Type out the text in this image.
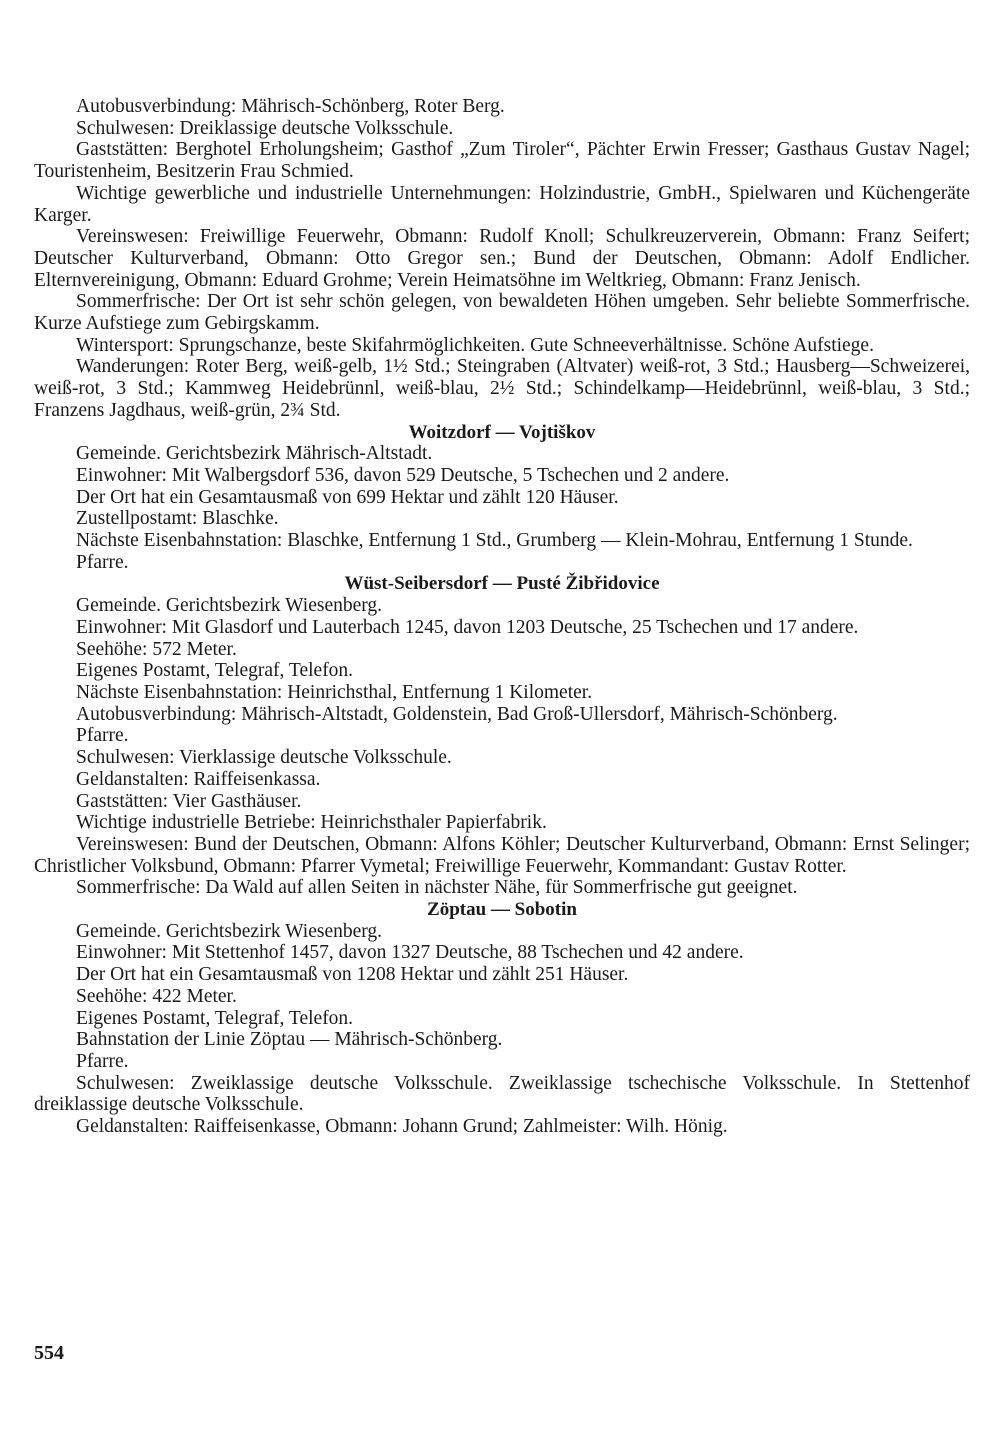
Autobusverbindung: Mährisch-Schönberg, Roter Berg.

Schulwesen: Dreiklassige deutsche Volksschule.

Gaststätten: Berghotel Erholungsheim; Gasthof „Zum Tiroler“, Pächter Erwin Fresser; Gasthaus Gustav Nagel; Touristenheim, Besitzerin Frau Schmied.

Wichtige gewerbliche und industrielle Unternehmungen: Holzindustrie, GmbH., Spielwaren und Küchengeräte Karger.

Vereinswesen: Freiwillige Feuerwehr, Obmann: Rudolf Knoll; Schulkreuzerverein, Obmann: Franz Seifert; Deutscher Kulturverband, Obmann: Otto Gregor sen.; Bund der Deutschen, Obmann: Adolf Endlicher. Elternvereinigung, Obmann: Eduard Grohme; Verein Heimatsöhne im Weltkrieg, Obmann: Franz Jenisch.

Sommerfrische: Der Ort ist sehr schön gelegen, von bewaldeten Höhen umgeben. Sehr beliebte Sommerfrische. Kurze Aufstiege zum Gebirgskamm.

Wintersport: Sprungschanze, beste Skifahrmöglichkeiten. Gute Schneeverhältnisse. Schöne Aufstiege.

Wanderungen: Roter Berg, weiß-gelb, 1½ Std.; Steingraben (Altvater) weiß-rot, 3 Std.; Hausberg—Schweizerei, weiß-rot, 3 Std.; Kammweg Heidebrünnl, weiß-blau, 2½ Std.; Schindelkamp—Heidebrünnl, weiß-blau, 3 Std.; Franzens Jagdhaus, weiß-grün, 2¾ Std.

Woitzdorf — Vojtiškov

Gemeinde. Gerichtsbezirk Mährisch-Altstadt.

Einwohner: Mit Walbergsdorf 536, davon 529 Deutsche, 5 Tschechen und 2 andere.

Der Ort hat ein Gesamtausmaß von 699 Hektar und zählt 120 Häuser.

Zustellpostamt: Blaschke.

Nächste Eisenbahnstation: Blaschke, Entfernung 1 Std., Grumberg — Klein-Mohrau, Entfernung 1 Stunde.

Pfarre.

Wüst-Seibersdorf — Pusté Žibřidovice

Gemeinde. Gerichtsbezirk Wiesenberg.

Einwohner: Mit Glasdorf und Lauterbach 1245, davon 1203 Deutsche, 25 Tschechen und 17 andere.

Seehöhe: 572 Meter.

Eigenes Postamt, Telegraf, Telefon.

Nächste Eisenbahnstation: Heinrichsthal, Entfernung 1 Kilometer.

Autobusverbindung: Mährisch-Altstadt, Goldenstein, Bad Groß-Ullersdorf, Mährisch-Schönberg.

Pfarre.

Schulwesen: Vierklassige deutsche Volksschule.

Geldanstalten: Raiffeisenkassa.

Gaststätten: Vier Gasthäuser.

Wichtige industrielle Betriebe: Heinrichsthaler Papierfabrik.

Vereinswesen: Bund der Deutschen, Obmann: Alfons Köhler; Deutscher Kulturverband, Obmann: Ernst Selinger; Christlicher Volksbund, Obmann: Pfarrer Vymetal; Freiwillige Feuerwehr, Kommandant: Gustav Rotter.

Sommerfrische: Da Wald auf allen Seiten in nächster Nähe, für Sommerfrische gut geeignet.

Zöptau — Sobotin

Gemeinde. Gerichtsbezirk Wiesenberg.

Einwohner: Mit Stettenhof 1457, davon 1327 Deutsche, 88 Tschechen und 42 andere.

Der Ort hat ein Gesamtausmaß von 1208 Hektar und zählt 251 Häuser.

Seehöhe: 422 Meter.

Eigenes Postamt, Telegraf, Telefon.

Bahnstation der Linie Zöptau — Mährisch-Schönberg.

Pfarre.

Schulwesen: Zweiklassige deutsche Volksschule. Zweiklassige tschechische Volksschule. In Stettenhof dreiklassige deutsche Volksschule.

Geldanstalten: Raiffeisenkasse, Obmann: Johann Grund; Zahlmeister: Wilh. Hönig.

554
